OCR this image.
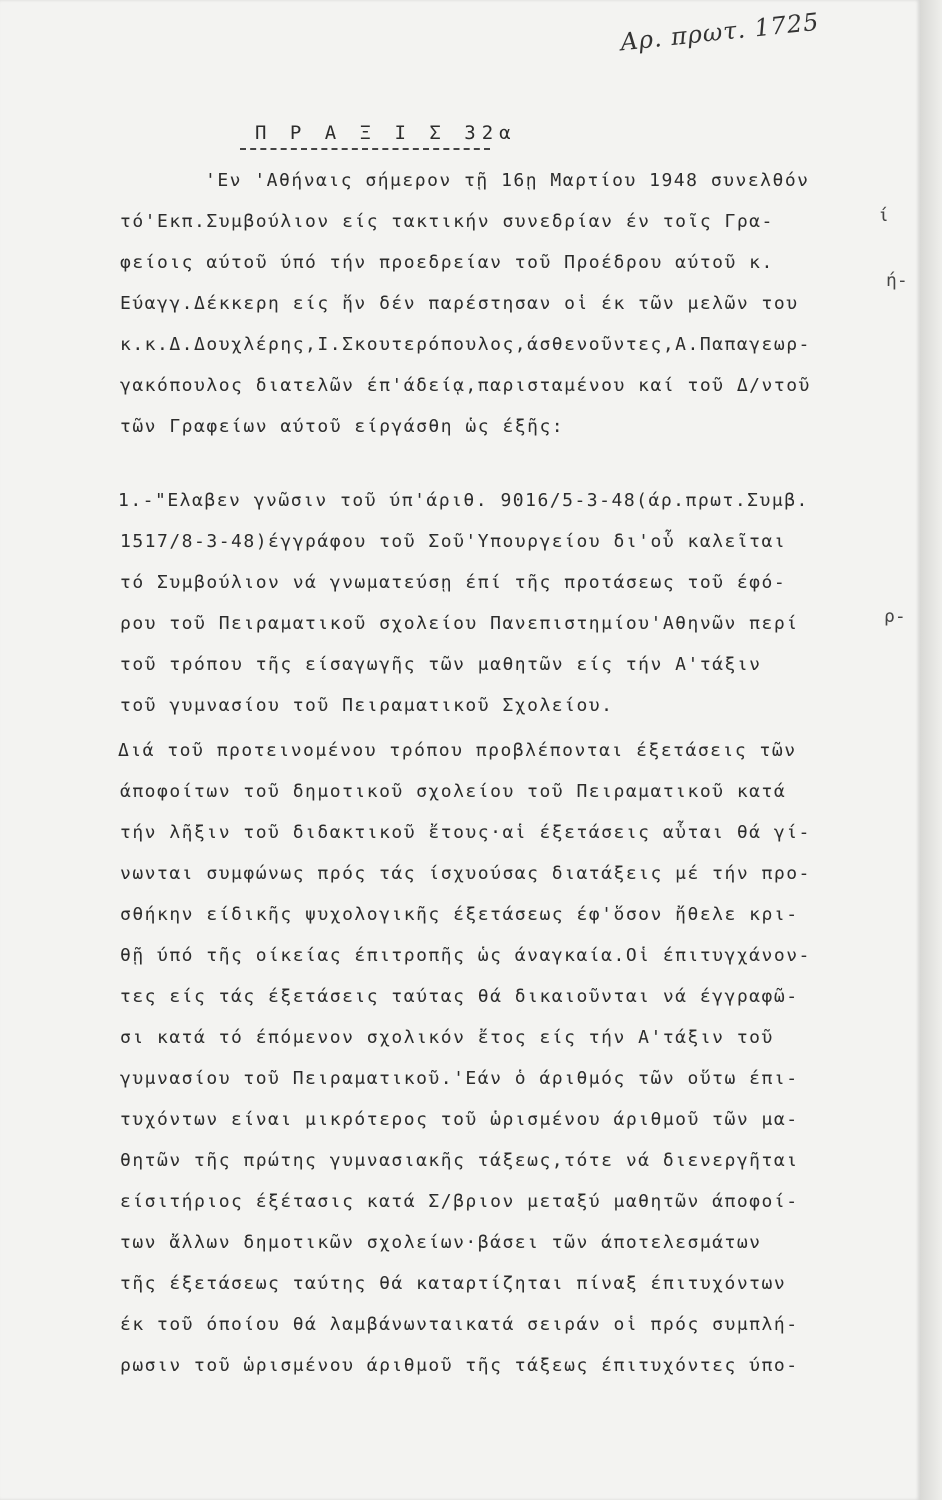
Αρ. πρωτ. 1725
Π Ρ Α Ξ Ι Σ 32α
'Εν 'Αθήναις σήμερον τῇ 16ῃ Μαρτίου 1948 συνελθόν
τό'Εκπ.Συμβούλιον είς τακτικήν συνεδρίαν έν τοῖς Γρα-
φείοις αύτοῦ ύπό τήν προεδρείαν τοῦ Προέδρου αύτοῦ κ.
Εύαγγ.Δέκκερη είς ἥν δέν παρέστησαν οἱ έκ τῶν μελῶν του
κ.κ.Δ.Δουχλέρης,Ι.Σκουτερόπουλος,άσθενοῦντες,Α.Παπαγεωρ-
γακόπουλος διατελῶν έπ'άδείᾳ,παρισταμένου καί τοῦ Δ/ντοῦ
τῶν Γραφείων αύτοῦ είργάσθη ὡς έξῆς:
1.-"Ελαβεν γνῶσιν τοῦ ύπ'άριθ. 9016/5-3-48(άρ.πρωτ.Συμβ.
1517/8-3-48)έγγράφου τοῦ Σοῦ'Υπουργείου δι'οὗ καλεῖται
τό Συμβούλιον νά γνωματεύσῃ έπί τῆς προτάσεως τοῦ έφό-
ρου τοῦ Πειραματικοῦ σχολείου Πανεπιστημίου'Αθηνῶν περί
τοῦ τρόπου τῆς είσαγωγῆς τῶν μαθητῶν είς τήν Α'τάξιν
τοῦ γυμνασίου τοῦ Πειραματικοῦ Σχολείου.
Διά τοῦ προτεινομένου τρόπου προβλέπονται έξετάσεις τῶν
άποφοίτων τοῦ δημοτικοῦ σχολείου τοῦ Πειραματικοῦ κατά
τήν λῆξιν τοῦ διδακτικοῦ ἔτους·αἱ έξετάσεις αὗται θά γί-
νωνται συμφώνως πρός τάς ίσχυούσας διατάξεις μέ τήν προ-
σθήκην είδικῆς ψυχολογικῆς έξετάσεως έφ'ὅσον ἤθελε κρι-
θῇ ύπό τῆς οίκείας έπιτροπῆς ὡς άναγκαία.Οἱ έπιτυγχάνον-
τες είς τάς έξετάσεις ταύτας θά δικαιοῦνται νά έγγραφῶ-
σι κατά τό έπόμενον σχολικόν ἔτος είς τήν Α'τάξιν τοῦ
γυμνασίου τοῦ Πειραματικοῦ.'Εάν ὁ άριθμός τῶν οὕτω έπι-
τυχόντων είναι μικρότερος τοῦ ὡρισμένου άριθμοῦ τῶν μα-
θητῶν τῆς πρώτης γυμνασιακῆς τάξεως,τότε νά διενεργῆται
είσιτήριος έξέτασις κατά Σ/βριον μεταξύ μαθητῶν άποφοί-
των ἄλλων δημοτικῶν σχολείων·βάσει τῶν άποτελεσμάτων
τῆς έξετάσεως ταύτης θά καταρτίζηται πίναξ έπιτυχόντων
έκ τοῦ όποίου θά λαμβάνωνταικατά σειράν οἱ πρός συμπλή-
ρωσιν τοῦ ὡρισμένου άριθμοῦ τῆς τάξεως έπιτυχόντες ύπο-
ί
ή-
ρ-
